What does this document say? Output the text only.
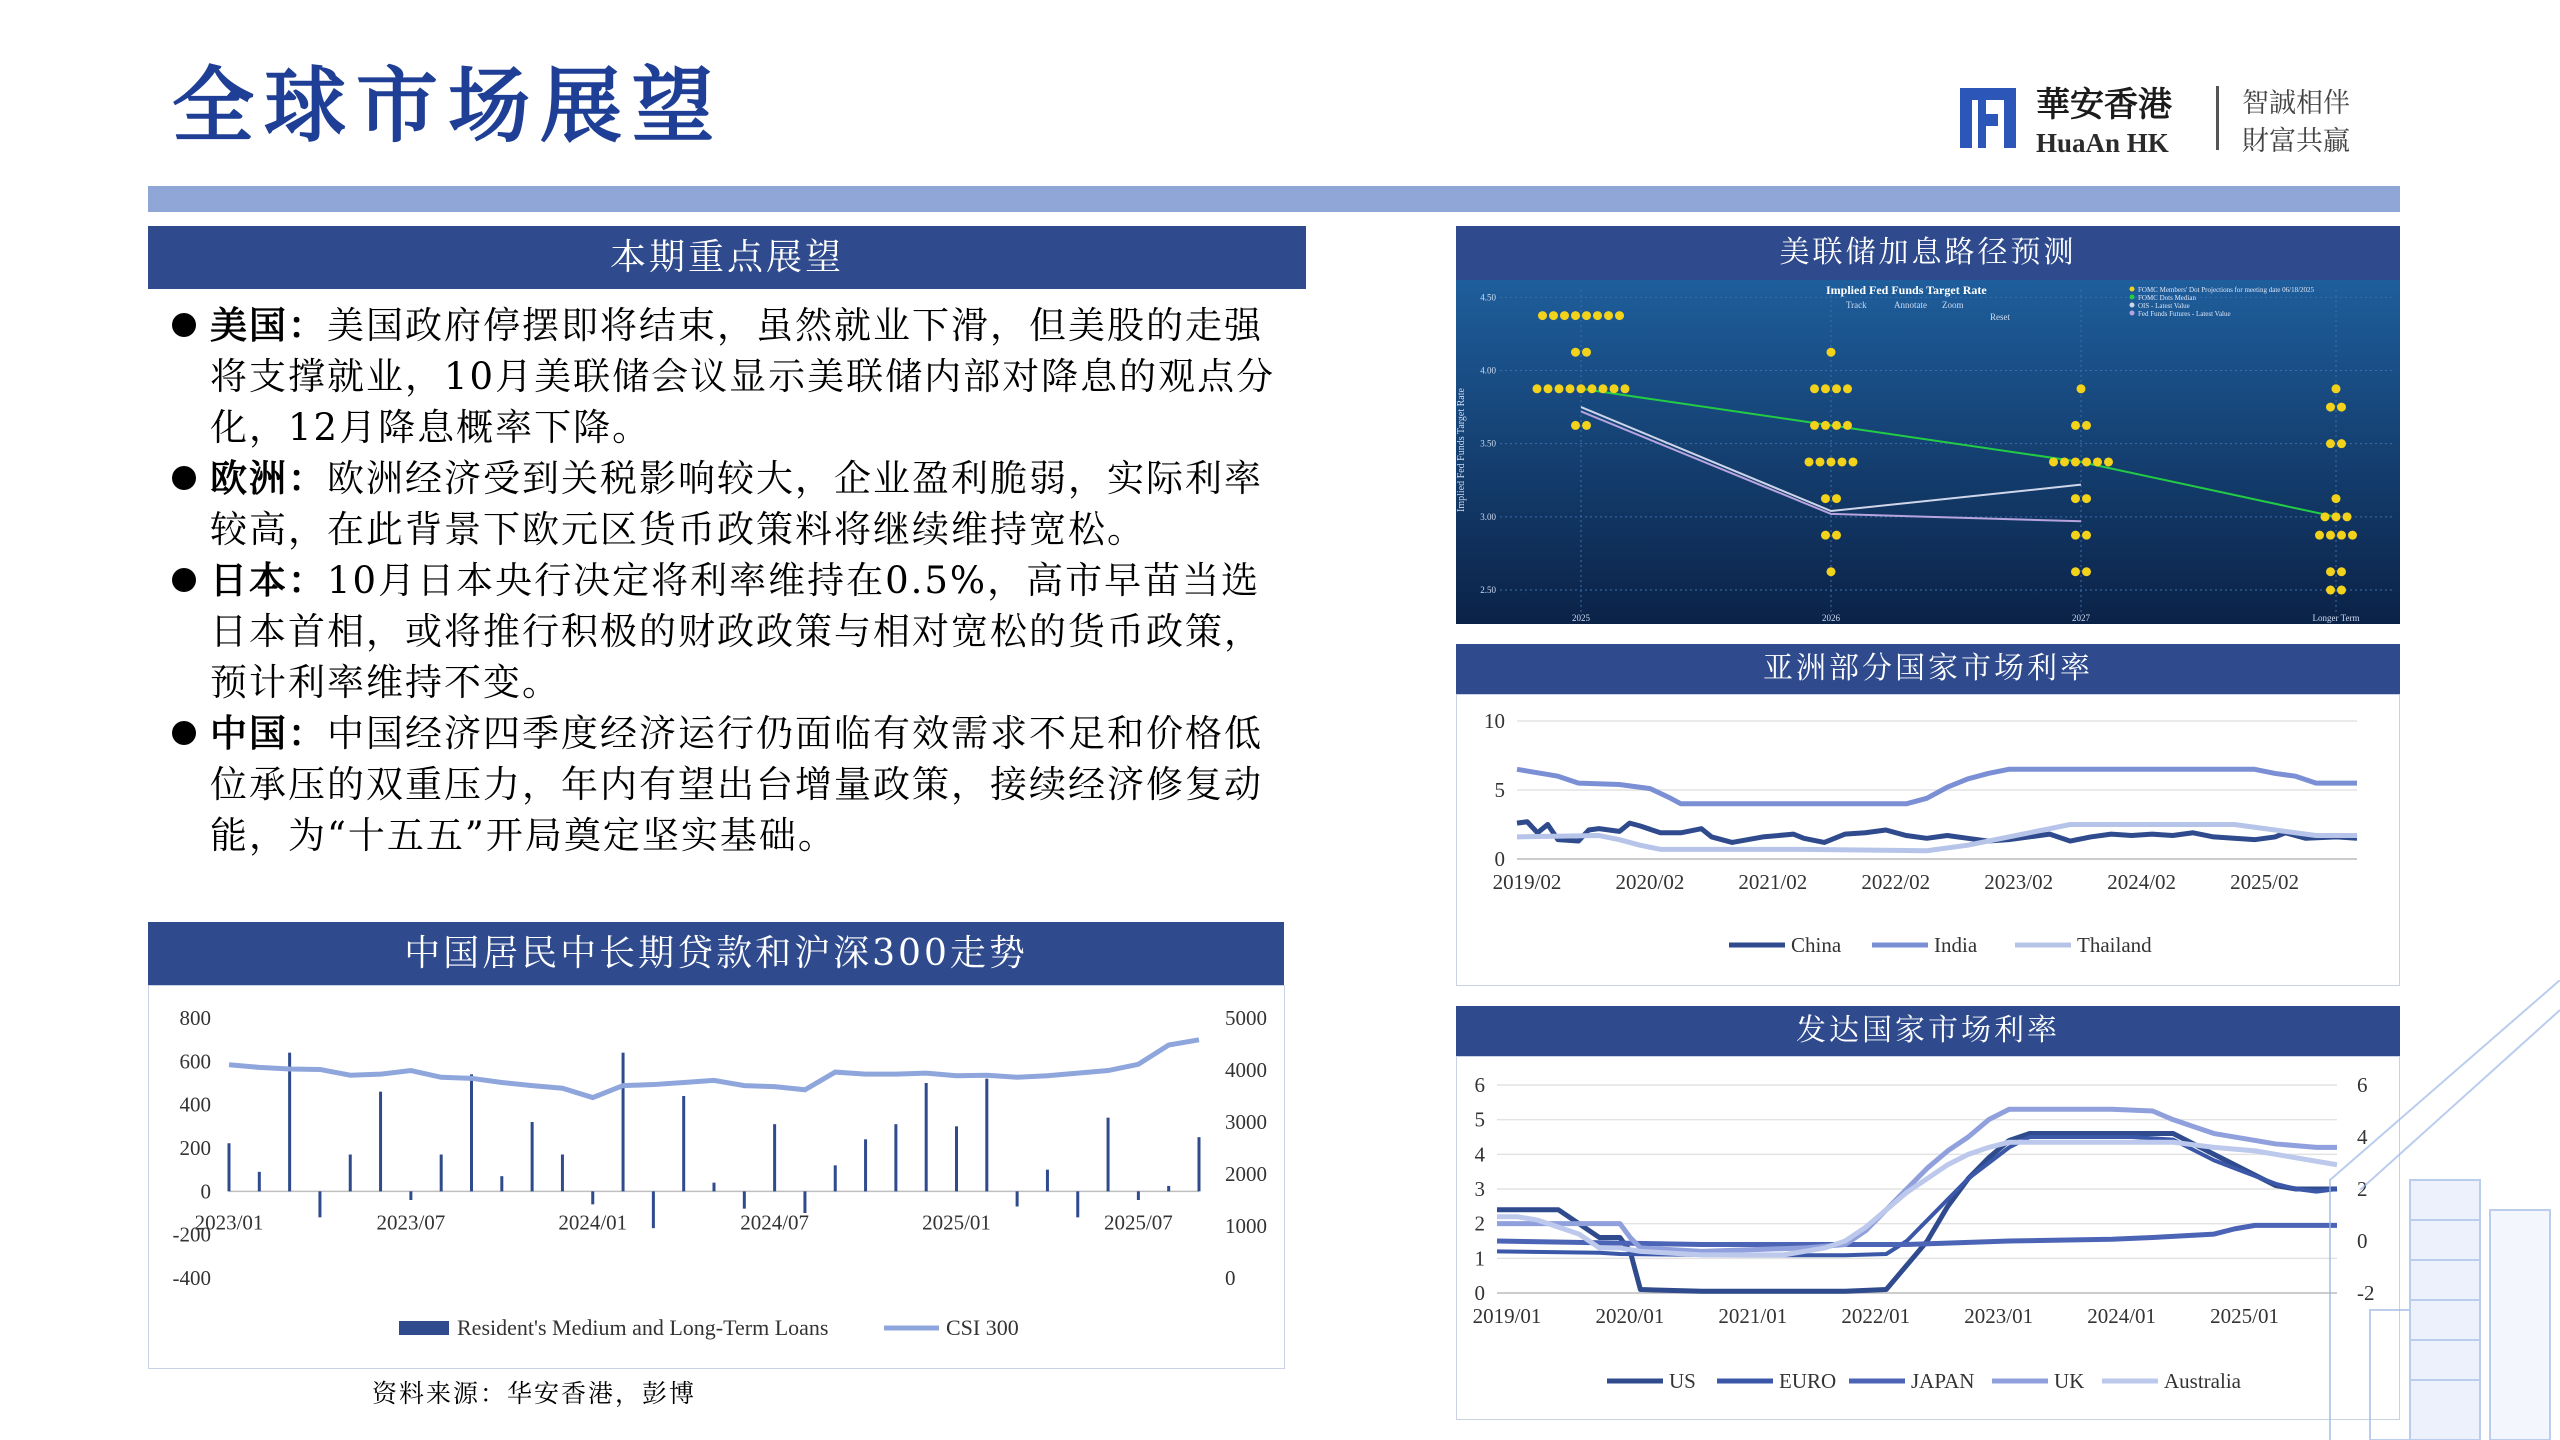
全球市场展望	華安香港
HuaAn HK
智誠相伴
財富共贏
本期重点展望
美国：美国政府停摆即将结束，虽然就业下滑，但美股的走强将支撑就业，10月美联储会议显示美联储内部对降息的观点分化，12月降息概率下降。
欧洲：欧洲经济受到关税影响较大，企业盈利脆弱，实际利率较高，在此背景下欧元区货币政策料将继续维持宽松。
日本：10月日本央行决定将利率维持在0.5%，高市早苗当选日本首相，或将推行积极的财政政策与相对宽松的货币政策，预计利率维持不变。
中国：中国经济四季度经济运行仍面临有效需求不足和价格低位承压的双重压力，年内有望出台增量政策，接续经济修复动能，为“十五五”开局奠定坚实基础。
中国居民中长期贷款和沪深300走势
800
600
400
200
0
-200
-400
5000
4000
3000
2000
1000
0
2023/01	2023/07	2024/01	2024/07	2025/01	2025/07
Resident's Medium and Long-Term Loans	CSI 300
美联储加息路径预测
4.50
4.00
3.50
3.00
2.50
2025	2026	2027	Longer Term
Implied Fed Funds Target Rate
Implied Fed Funds Target Rate
Track	Annotate Zoom
Reset
FOMC Members' Dot Projections for meeting date 06/18/2025
FOMC Dots Median
OIS - Latest Value
Fed Funds Futures - Latest Value
亚洲部分国家市场利率
10
5
0
2019/02	2020/02	2021/02	2022/02	2023/02	2024/02	2025/02
China	India	Thailand
发达国家市场利率
6
5
4
3
2
1
0
6
4
2
0
-2
2019/01	2020/01	2021/01	2022/01	2023/01	2024/01	2025/01
US	EURO	JAPAN	UK	Australia
资料来源：华安香港，彭博
